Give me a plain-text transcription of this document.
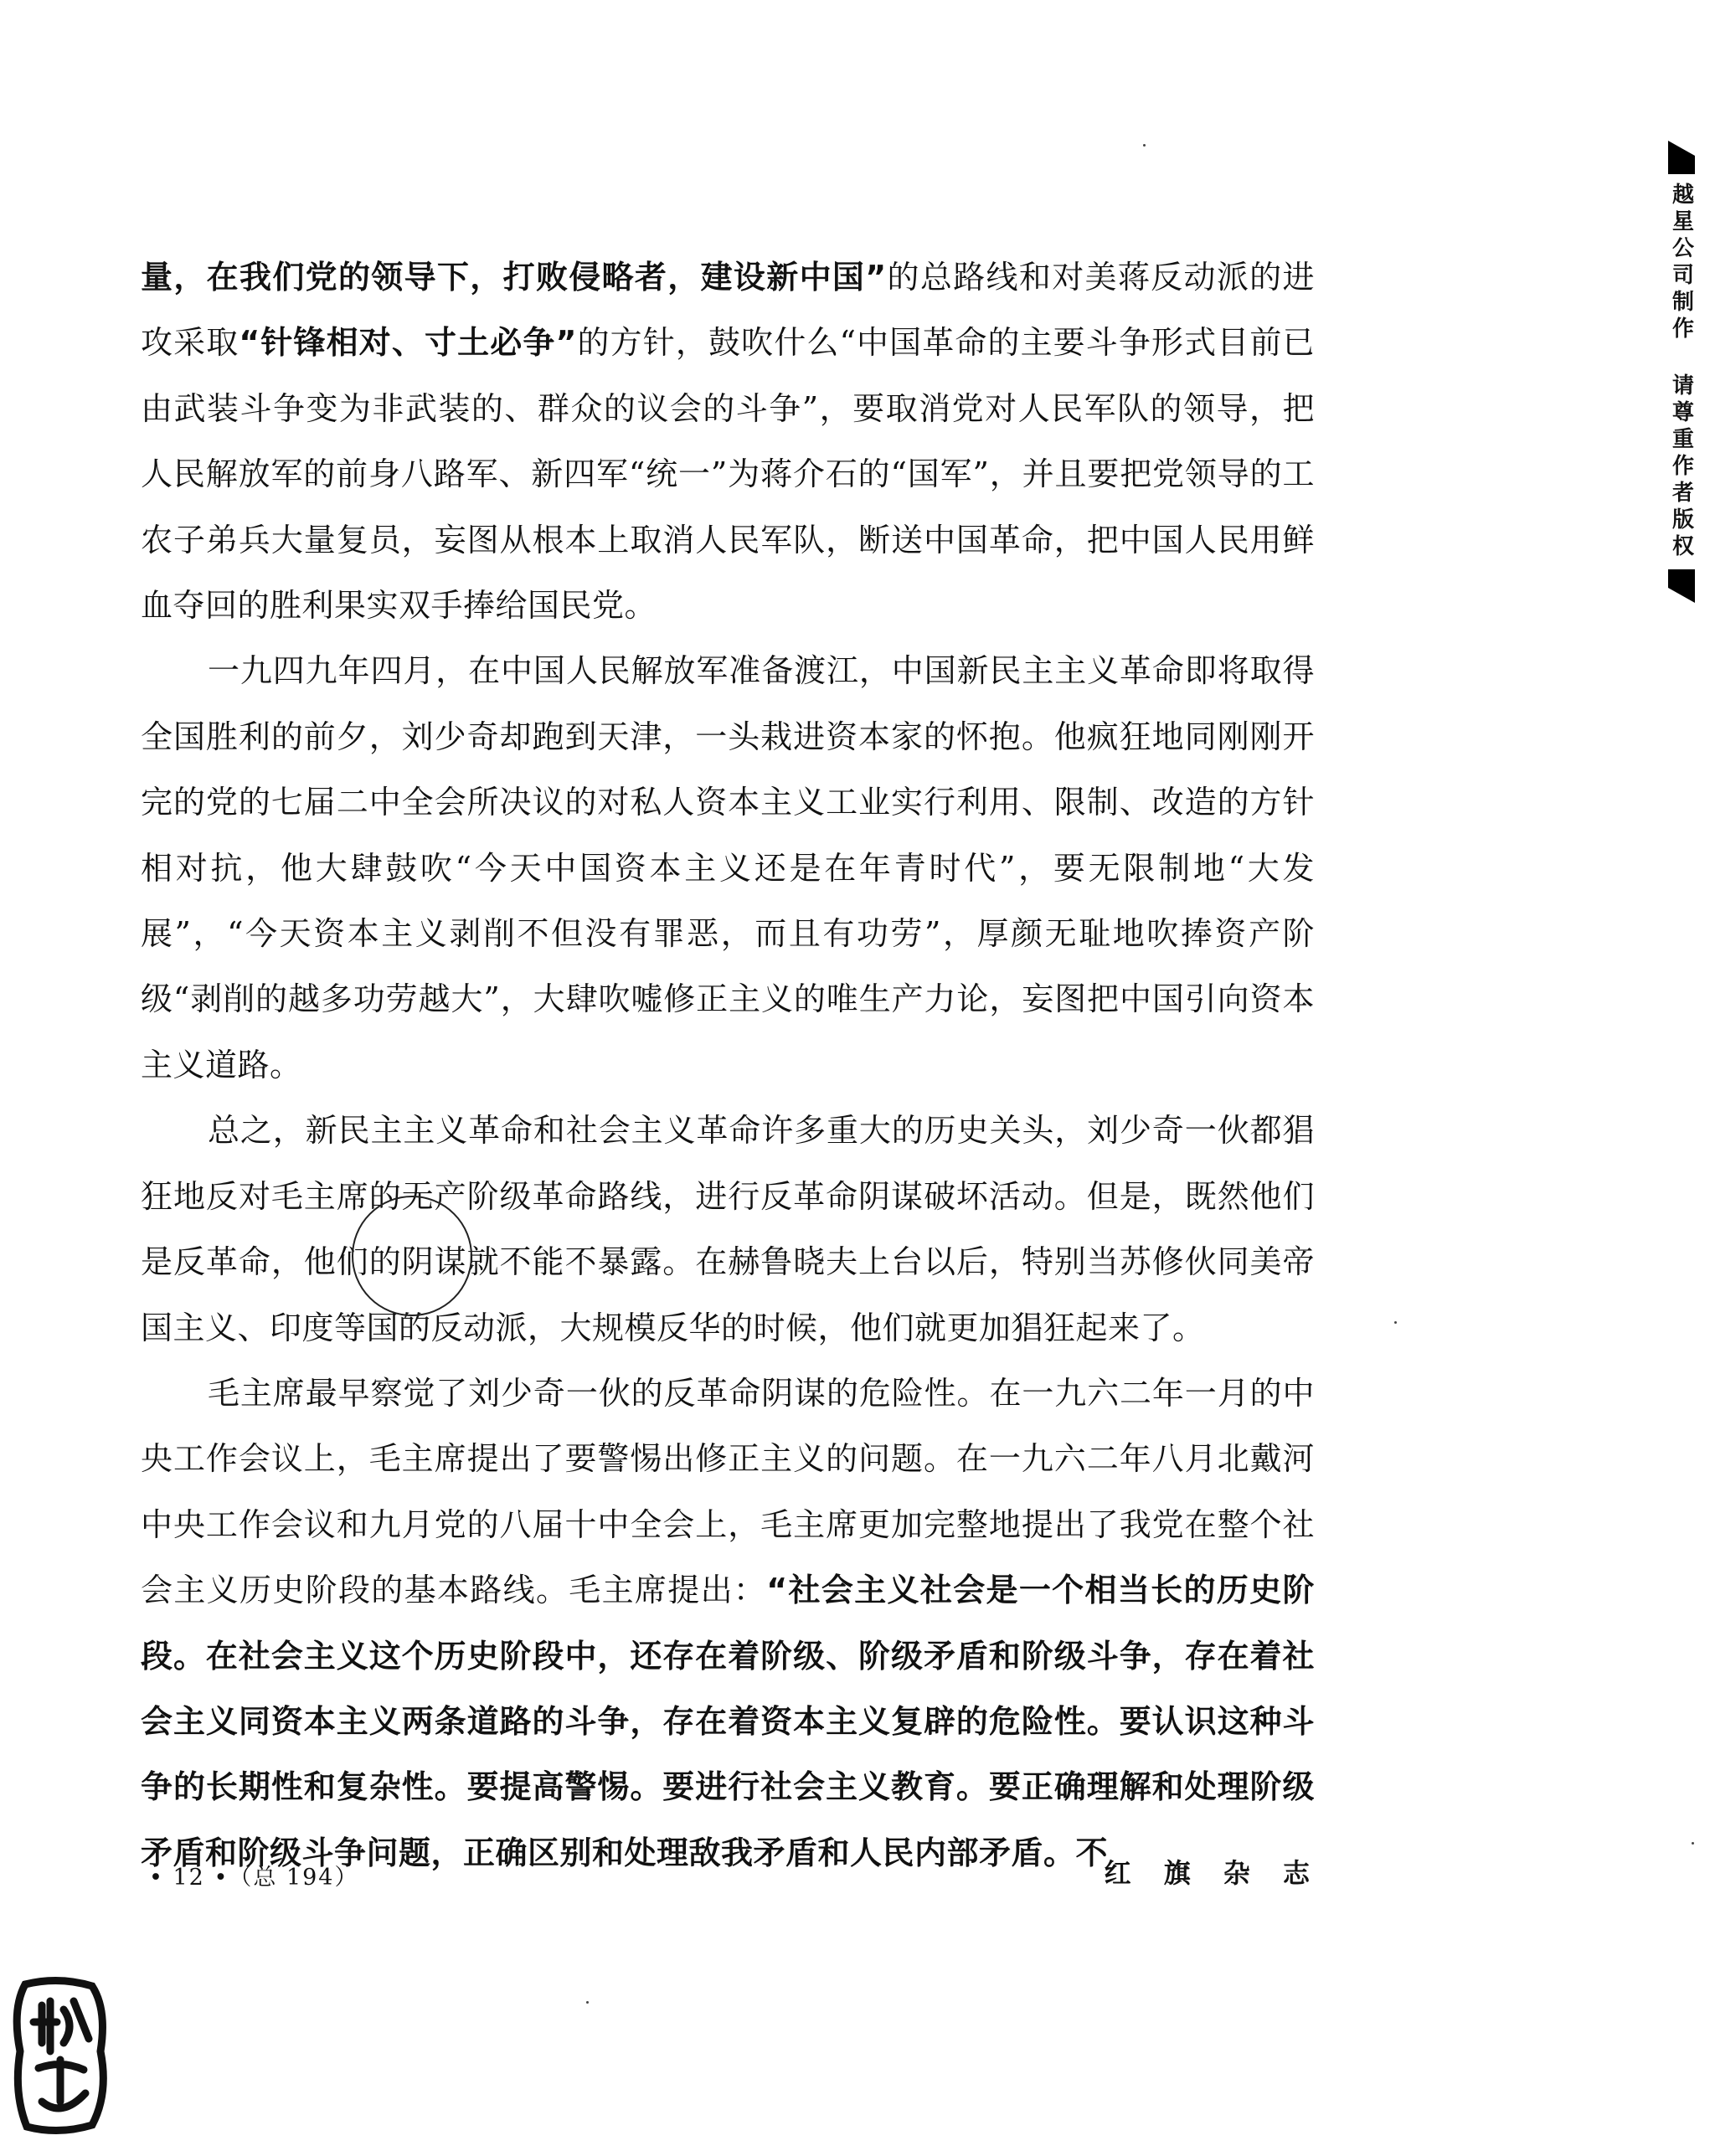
量，在我们党的领导下，打败侵略者，建设新中国”的总路线和对美蒋反动派的进攻采取“针锋相对、寸土必争”的方针，鼓吹什么“中国革命的主要斗争形式目前已由武装斗争变为非武装的、群众的议会的斗争”，要取消党对人民军队的领导，把人民解放军的前身八路军、新四军“统一”为蒋介石的“国军”，并且要把党领导的工农子弟兵大量复员，妄图从根本上取消人民军队，断送中国革命，把中国人民用鲜血夺回的胜利果实双手捧给国民党。

一九四九年四月，在中国人民解放军准备渡江，中国新民主主义革命即将取得全国胜利的前夕，刘少奇却跑到天津，一头栽进资本家的怀抱。他疯狂地同刚刚开完的党的七届二中全会所决议的对私人资本主义工业实行利用、限制、改造的方针相对抗，他大肆鼓吹“今天中国资本主义还是在年青时代”，要无限制地“大发展”，“今天资本主义剥削不但没有罪恶，而且有功劳”，厚颜无耻地吹捧资产阶级“剥削的越多功劳越大”，大肆吹嘘修正主义的唯生产力论，妄图把中国引向资本主义道路。

总之，新民主主义革命和社会主义革命许多重大的历史关头，刘少奇一伙都猖狂地反对毛主席的无产阶级革命路线，进行反革命阴谋破坏活动。但是，既然他们是反革命，他们的阴谋就不能不暴露。在赫鲁晓夫上台以后，特别当苏修伙同美帝国主义、印度等国的反动派，大规模反华的时候，他们就更加猖狂起来了。

毛主席最早察觉了刘少奇一伙的反革命阴谋的危险性。在一九六二年一月的中央工作会议上，毛主席提出了要警惕出修正主义的问题。在一九六二年八月北戴河中央工作会议和九月党的八届十中全会上，毛主席更加完整地提出了我党在整个社会主义历史阶段的基本路线。毛主席提出：“社会主义社会是一个相当长的历史阶段。在社会主义这个历史阶段中，还存在着阶级、阶级矛盾和阶级斗争，存在着社会主义同资本主义两条道路的斗争，存在着资本主义复辟的危险性。要认识这种斗争的长期性和复杂性。要提高警惕。要进行社会主义教育。要正确理解和处理阶级矛盾和阶级斗争问题，正确区别和处理敌我矛盾和人民内部矛盾。不

• 12 •（总 194）	红 旗 杂 志
越星公司制作 请尊重作者版权
